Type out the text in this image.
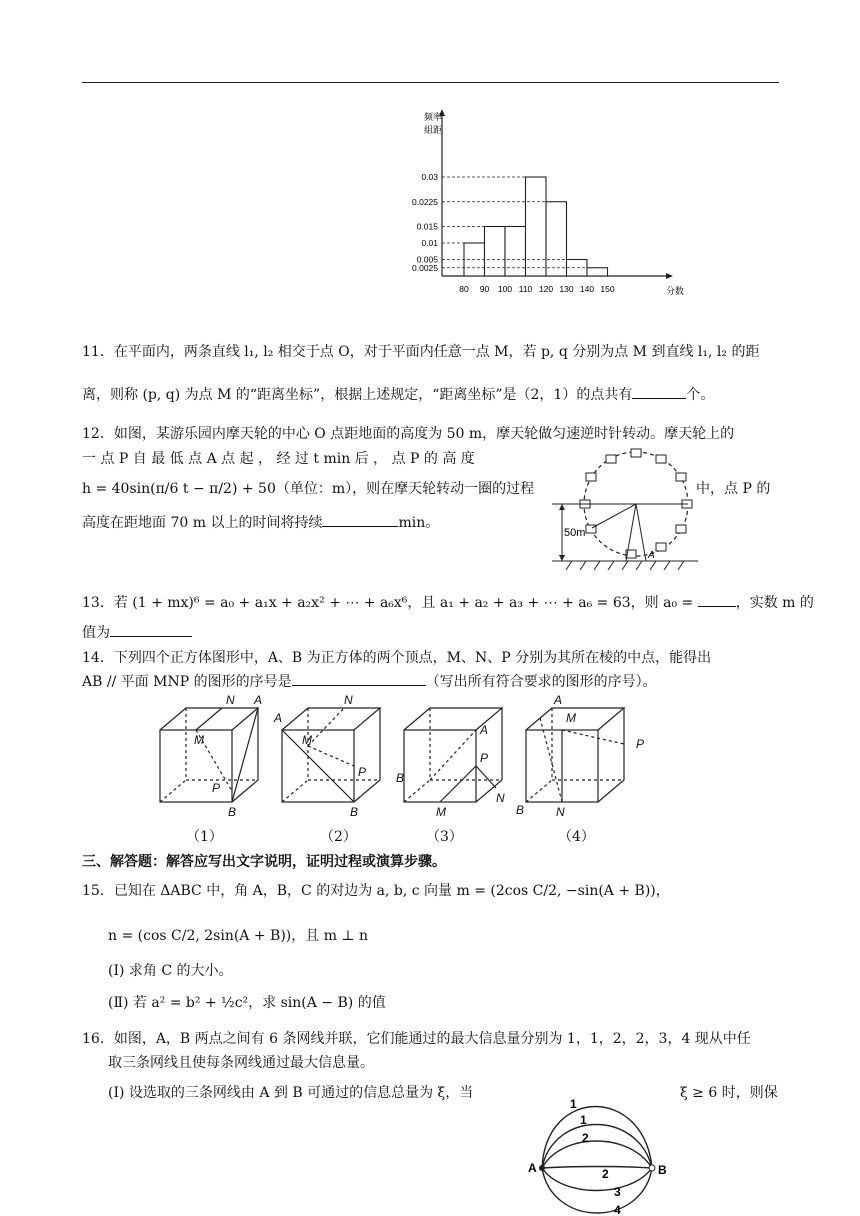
0.03
0.0225
0.015
0.01
0.005
0.0025
80 90 100 110 120 130 140 150	分数
频率
組距
11．在平面内，两条直线 l₁, l₂ 相交于点 O，对于平面内任意一点 M，若 p, q 分别为点 M 到直线 l₁, l₂ 的距
离，则称 (p, q) 为点 M 的“距离坐标”，根据上述规定，“距离坐标”是（2，1）的点共有	个。
12．如图，某游乐园内摩天轮的中心 O 点距地面的高度为 50 m，摩天轮做匀速逆时针转动。摩天轮上的
一 点 P 自 最 低 点 A 点 起 ， 经 过 t min 后 ， 点 P 的 高 度
h = 40sin(π/6 t − π/2) + 50（单位：m），则在摩天轮转动一圈的过程	中，点 P 的
高度在距地面 70 m 以上的时间将持续	min。
50m
A
13．若 (1 + mx)⁶ = a₀ + a₁x + a₂x² + ⋯ + a₆x⁶，且 a₁ + a₂ + a₃ + ⋯ + a₆ = 63，则 a₀ =	，实数 m 的
值为
14．下列四个正方体图形中，A、B 为正方体的两个顶点，M、N、P 分别为其所在棱的中点，能得出
AB // 平面 MNP 的图形的序号是	（写出所有符合要求的图形的序号）。
N A
M
P
B
N
A
M
P
B
A
P
B
M
N
A
M
P
B	N
（1）	（2）	（3）	（4）
三、解答题：解答应写出文字说明，证明过程或演算步骤。
15．已知在 ΔABC 中，角 A，B，C 的对边为 a, b, c 向量 m = (2cos C/2, −sin(A + B))，
n = (cos C/2, 2sin(A + B))，且 m ⊥ n
(Ⅰ) 求角 C 的大小。
(Ⅱ) 若 a² = b² + ½c²，求 sin(A − B) 的值
16．如图，A，B 两点之间有 6 条网线并联，它们能通过的最大信息量分别为 1，1，2，2，3，4 现从中任
取三条网线且使每条网线通过最大信息量。
(Ⅰ) 设选取的三条网线由 A 到 B 可通过的信息总量为 ξ，当	ξ ≥ 6 时，则保
A	B
1
1
2
2
3
4
